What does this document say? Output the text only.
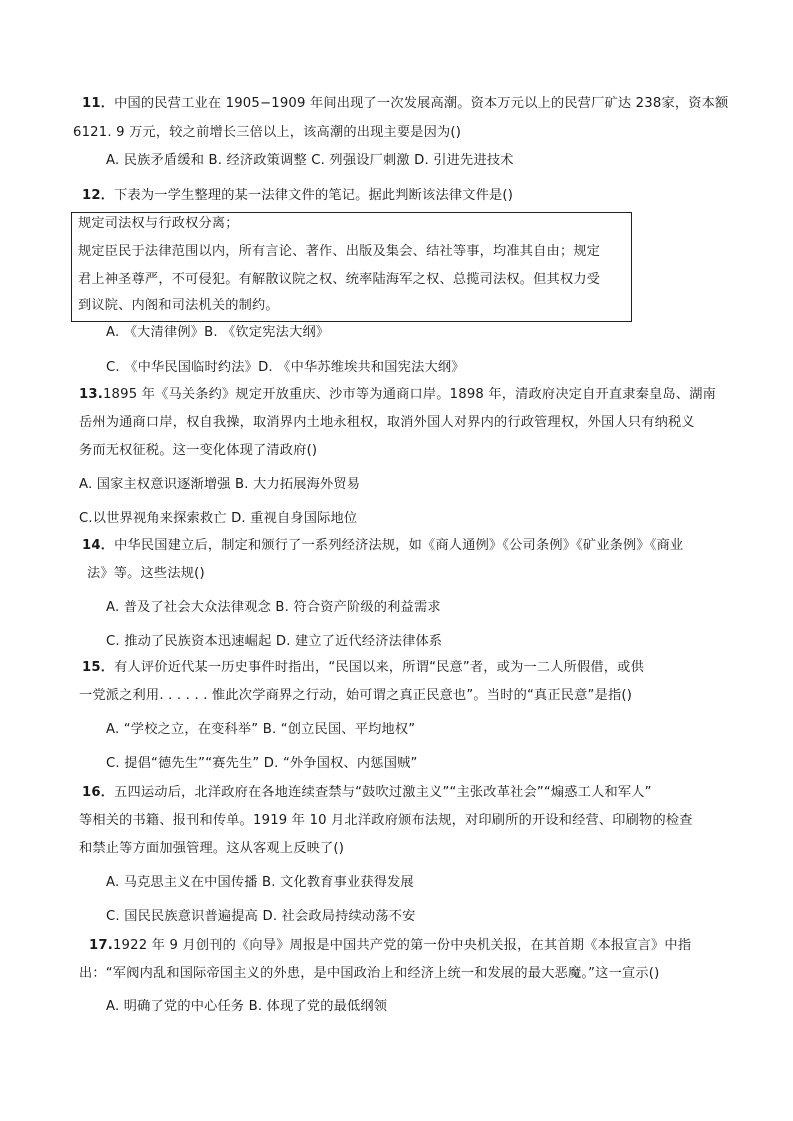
11．中国的民营工业在 1905−1909 年间出现了一次发展高潮。资本万元以上的民营厂矿达 238家，资本额
6121. 9 万元，较之前增长三倍以上，该高潮的出现主要是因为()
A. 民族矛盾缓和 B. 经济政策调整 C. 列强设厂刺激 D. 引进先进技术
12．下表为一学生整理的某一法律文件的笔记。据此判断该法律文件是()
规定司法权与行政权分离；
规定臣民于法律范围以内，所有言论、著作、出版及集会、结社等事，均准其自由；规定
君上神圣尊严，不可侵犯。有解散议院之权、统率陆海军之权、总揽司法权。但其权力受
到议院、内阁和司法机关的制约。
A. 《大清律例》B. 《钦定宪法大纲》
C. 《中华民国临时约法》D. 《中华苏维埃共和国宪法大纲》
13.1895 年《马关条约》规定开放重庆、沙市等为通商口岸。1898 年，清政府决定自开直隶秦皇岛、湖南
岳州为通商口岸，权自我操，取消界内土地永租权，取消外国人对界内的行政管理权，外国人只有纳税义
务而无权征税。这一变化体现了清政府()
A. 国家主权意识逐渐增强 B. 大力拓展海外贸易
C.以世界视角来探索救亡 D. 重视自身国际地位
14．中华民国建立后，制定和颁行了一系列经济法规，如《商人通例》《公司条例》《矿业条例》《商业
法》等。这些法规()
A. 普及了社会大众法律观念 B. 符合资产阶级的利益需求
C. 推动了民族资本迅速崛起 D. 建立了近代经济法律体系
15．有人评价近代某一历史事件时指出，“民国以来，所谓“民意”者，或为一二人所假借，或供
一党派之利用. . . . . . 惟此次学商界之行动，始可谓之真正民意也”。当时的“真正民意”是指()
A. “学校之立，在变科举” B. “创立民国、平均地权”
C. 提倡“德先生”“赛先生” D. “外争国权、内惩国贼”
16．五四运动后，北洋政府在各地连续查禁与“鼓吹过激主义”“主张改革社会”“煽惑工人和军人”
等相关的书籍、报刊和传单。1919 年 10 月北洋政府颁布法规，对印刷所的开设和经营、印刷物的检查
和禁止等方面加强管理。这从客观上反映了()
A. 马克思主义在中国传播 B. 文化教育事业获得发展
C. 国民民族意识普遍提高 D. 社会政局持续动荡不安
17.1922 年 9 月创刊的《向导》周报是中国共产党的第一份中央机关报，在其首期《本报宣言》中指
出：“军阀内乱和国际帝国主义的外患，是中国政治上和经济上统一和发展的最大恶魔。”这一宣示()
A. 明确了党的中心任务 B. 体现了党的最低纲领
